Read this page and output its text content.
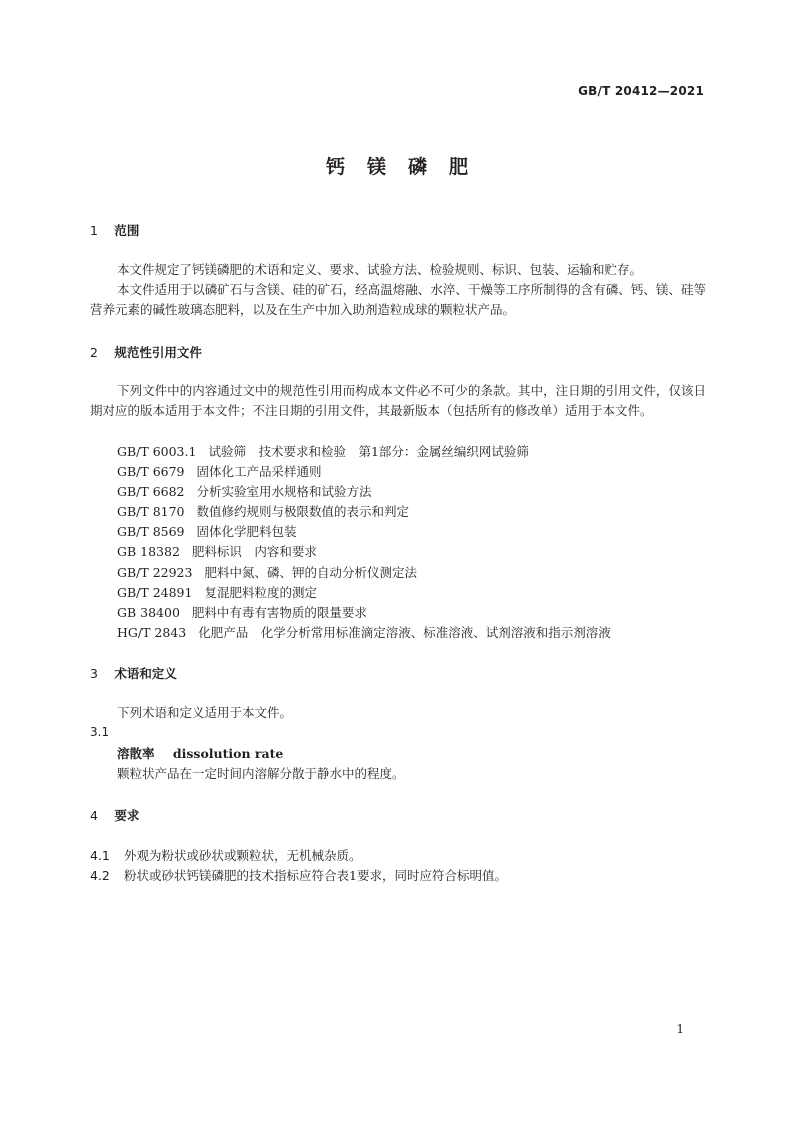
GB/T 20412—2021
钙镁磷肥
1 范围
本文件规定了钙镁磷肥的术语和定义、要求、试验方法、检验规则、标识、包装、运输和贮存。
本文件适用于以磷矿石与含镁、硅的矿石，经高温熔融、水淬、干燥等工序所制得的含有磷、钙、镁、硅等营养元素的碱性玻璃态肥料，以及在生产中加入助剂造粒成球的颗粒状产品。
2 规范性引用文件
下列文件中的内容通过文中的规范性引用而构成本文件必不可少的条款。其中，注日期的引用文件，仅该日期对应的版本适用于本文件；不注日期的引用文件，其最新版本（包括所有的修改单）适用于本文件。
GB/T 6003.1 试验筛　技术要求和检验　第1部分：金属丝编织网试验筛
GB/T 6679 固体化工产品采样通则
GB/T 6682 分析实验室用水规格和试验方法
GB/T 8170 数值修约规则与极限数值的表示和判定
GB/T 8569 固体化学肥料包装
GB 18382 肥料标识　内容和要求
GB/T 22923 肥料中氮、磷、钾的自动分析仪测定法
GB/T 24891 复混肥料粒度的测定
GB 38400 肥料中有毒有害物质的限量要求
HG/T 2843 化肥产品　化学分析常用标准滴定溶液、标准溶液、试剂溶液和指示剂溶液
3 术语和定义
下列术语和定义适用于本文件。
3.1
溶散率 dissolution rate
颗粒状产品在一定时间内溶解分散于静水中的程度。
4 要求
4.1 外观为粉状或砂状或颗粒状，无机械杂质。
4.2 粉状或砂状钙镁磷肥的技术指标应符合表1要求，同时应符合标明值。
1
